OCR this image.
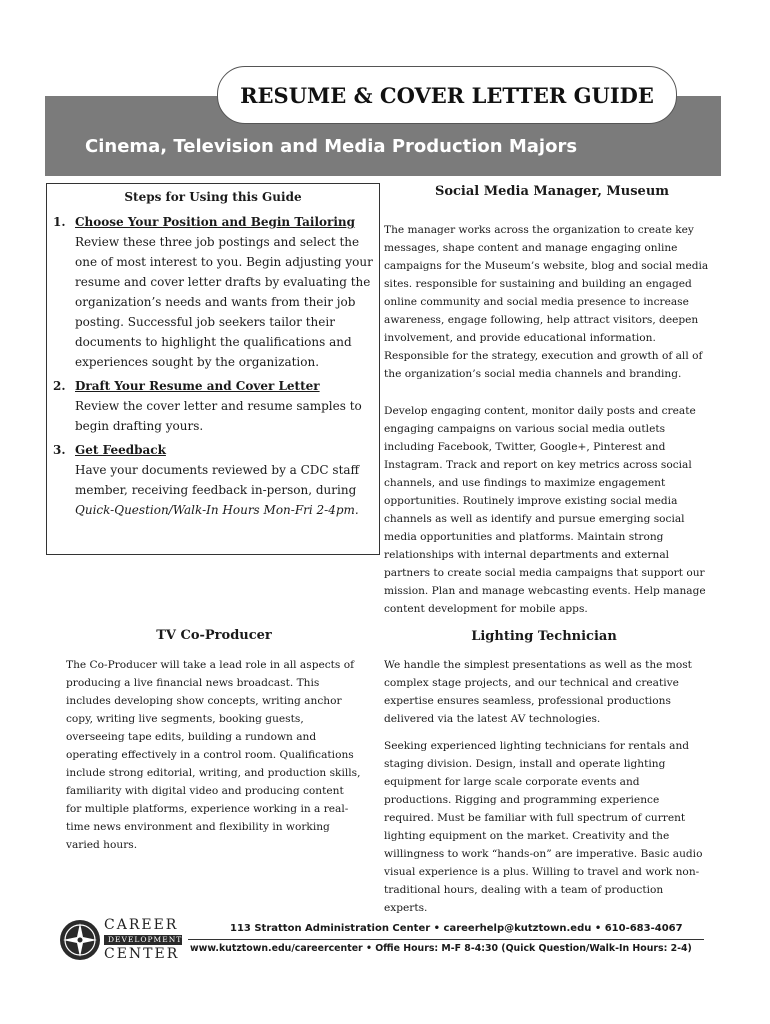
Cinema, Television and Media Production Majors

RESUME & COVER LETTER GUIDE

Steps for Using this Guide

1. Choose Your Position and Begin Tailoring
Review these three job postings and select the one of most interest to you. Begin adjusting your resume and cover letter drafts by evaluating the organization’s needs and wants from their job posting. Successful job seekers tailor their documents to highlight the qualifications and experiences sought by the organization.
2. Draft Your Resume and Cover Letter
Review the cover letter and resume samples to begin drafting yours.
3. Get Feedback
Have your documents reviewed by a CDC staff member, receiving feedback in-person, during Quick-Question/Walk-In Hours Mon-Fri 2-4pm.

Social Media Manager, Museum

The manager works across the organization to create key messages, shape content and manage engaging online campaigns for the Museum’s website, blog and social media sites. responsible for sustaining and building an engaged online community and social media presence to increase awareness, engage following, help attract visitors, deepen involvement, and provide educational information. Responsible for the strategy, execution and growth of all of the organization’s social media channels and branding.

Develop engaging content, monitor daily posts and create engaging campaigns on various social media outlets including Facebook, Twitter, Google+, Pinterest and Instagram. Track and report on key metrics across social channels, and use findings to maximize engagement opportunities. Routinely improve existing social media channels as well as identify and pursue emerging social media opportunities and platforms. Maintain strong relationships with internal departments and external partners to create social media campaigns that support our mission. Plan and manage webcasting events. Help manage content development for mobile apps.

TV Co-Producer

The Co-Producer will take a lead role in all aspects of producing a live financial news broadcast. This includes developing show concepts, writing anchor copy, writing live segments, booking guests, overseeing tape edits, building a rundown and operating effectively in a control room. Qualifications include strong editorial, writing, and production skills, familiarity with digital video and producing content for multiple platforms, experience working in a real-time news environment and flexibility in working varied hours.

Lighting Technician

We handle the simplest presentations as well as the most complex stage projects, and our technical and creative expertise ensures seamless, professional productions delivered via the latest AV technologies.

Seeking experienced lighting technicians for rentals and staging division. Design, install and operate lighting equipment for large scale corporate events and productions. Rigging and programming experience required. Must be familiar with full spectrum of current lighting equipment on the market. Creativity and the willingness to work “hands-on” are imperative. Basic audio visual experience is a plus. Willing to travel and work non-traditional hours, dealing with a team of production experts.

CAREER

DEVELOPMENT

CENTER

113 Stratton Administration Center • careerhelp@kutztown.edu • 610-683-4067

www.kutztown.edu/careercenter • Offie Hours: M-F 8-4:30 (Quick Question/Walk-In Hours: 2-4)
